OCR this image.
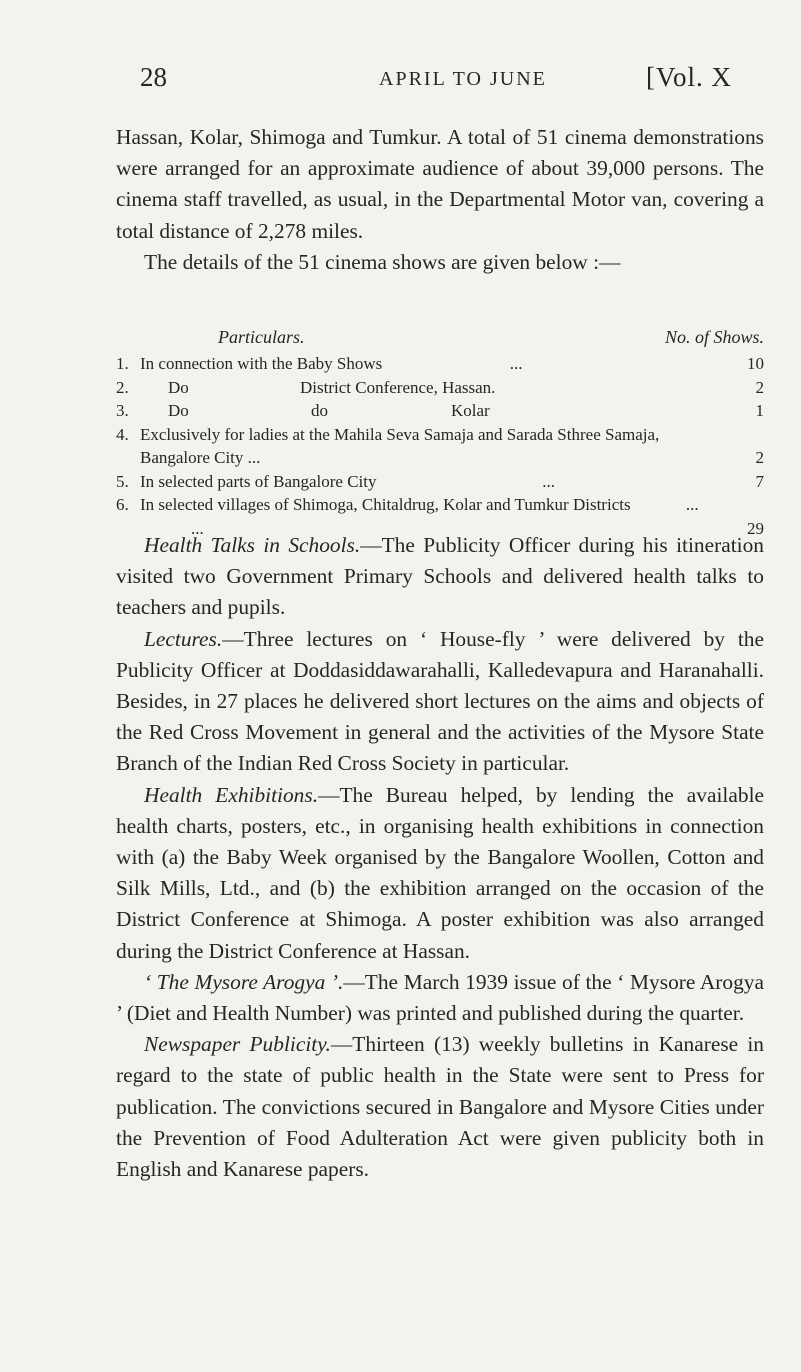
28	APRIL TO JUNE	[Vol. X

Hassan, Kolar, Shimoga and Tumkur. A total of 51 cinema demonstrations were arranged for an approximate audience of about 39,000 persons. The cinema staff travelled, as usual, in the Departmental Motor van, covering a total distance of 2,278 miles.

The details of the 51 cinema shows are given below :—

Particulars.	No. of Shows.
1. In connection with the Baby Shows                              ...	10
2.	Do	District Conference, Hassan.	2
3.	Do	do	Kolar	1
4. Exclusively for ladies at the Mahila Seva Samaja and Sarada Sthree Samaja, Bangalore City ...	2
5. In selected parts of Bangalore City                                       ...	7
6. In selected villages of Shimoga, Chitaldrug, Kolar and Tumkur Districts             ...             ...	29

Health Talks in Schools.—The Publicity Officer during his itineration visited two Government Primary Schools and delivered health talks to teachers and pupils.

Lectures.—Three lectures on ‘ House-fly ’ were delivered by the Publicity Officer at Doddasiddawarahalli, Kalledevapura and Haranahalli. Besides, in 27 places he delivered short lectures on the aims and objects of the Red Cross Movement in general and the activities of the Mysore State Branch of the Indian Red Cross Society in particular.

Health Exhibitions.—The Bureau helped, by lending the available health charts, posters, etc., in organising health exhibitions in connection with (a) the Baby Week organised by the Bangalore Woollen, Cotton and Silk Mills, Ltd., and (b) the exhibition arranged on the occasion of the District Conference at Shimoga. A poster exhibition was also arranged during the District Conference at Hassan.

‘ The Mysore Arogya ’.—The March 1939 issue of the ‘ Mysore Arogya ’ (Diet and Health Number) was printed and published during the quarter.

Newspaper Publicity.—Thirteen (13) weekly bulletins in Kanarese in regard to the state of public health in the State were sent to Press for publication. The convictions secured in Bangalore and Mysore Cities under the Prevention of Food Adulteration Act were given publicity both in English and Kanarese papers.
